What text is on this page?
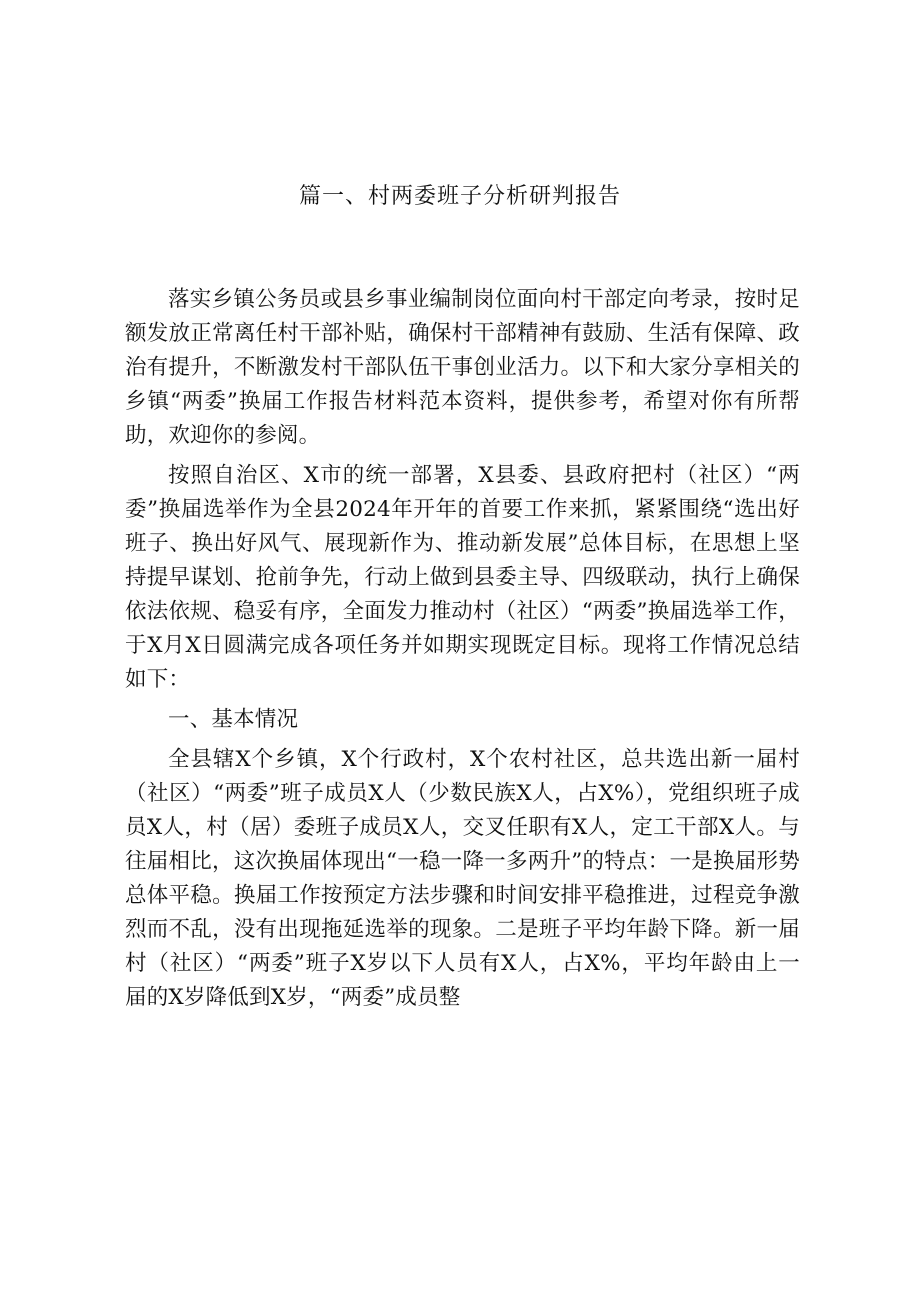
篇一、村两委班子分析研判报告

落实乡镇公务员或县乡事业编制岗位面向村干部定向考录，按时足额发放正常离任村干部补贴，确保村干部精神有鼓励、生活有保障、政治有提升，不断激发村干部队伍干事创业活力。以下和大家分享相关的乡镇“两委”换届工作报告材料范本资料，提供参考，希望对你有所帮助，欢迎你的参阅。

按照自治区、X市的统一部署，X县委、县政府把村（社区）“两委”换届选举作为全县2024年开年的首要工作来抓，紧紧围绕“选出好班子、换出好风气、展现新作为、推动新发展”总体目标，在思想上坚持提早谋划、抢前争先，行动上做到县委主导、四级联动，执行上确保依法依规、稳妥有序，全面发力推动村（社区）“两委”换届选举工作，于X月X日圆满完成各项任务并如期实现既定目标。现将工作情况总结如下：

一、基本情况

全县辖X个乡镇，X个行政村，X个农村社区，总共选出新一届村（社区）“两委”班子成员X人（少数民族X人，占X%），党组织班子成员X人，村（居）委班子成员X人，交叉任职有X人，定工干部X人。与往届相比，这次换届体现出“一稳一降一多两升”的特点：一是换届形势总体平稳。换届工作按预定方法步骤和时间安排平稳推进，过程竞争激烈而不乱，没有出现拖延选举的现象。二是班子平均年龄下降。新一届村（社区）“两委”班子X岁以下人员有X人，占X%，平均年龄由上一届的X岁降低到X岁，“两委”成员整
